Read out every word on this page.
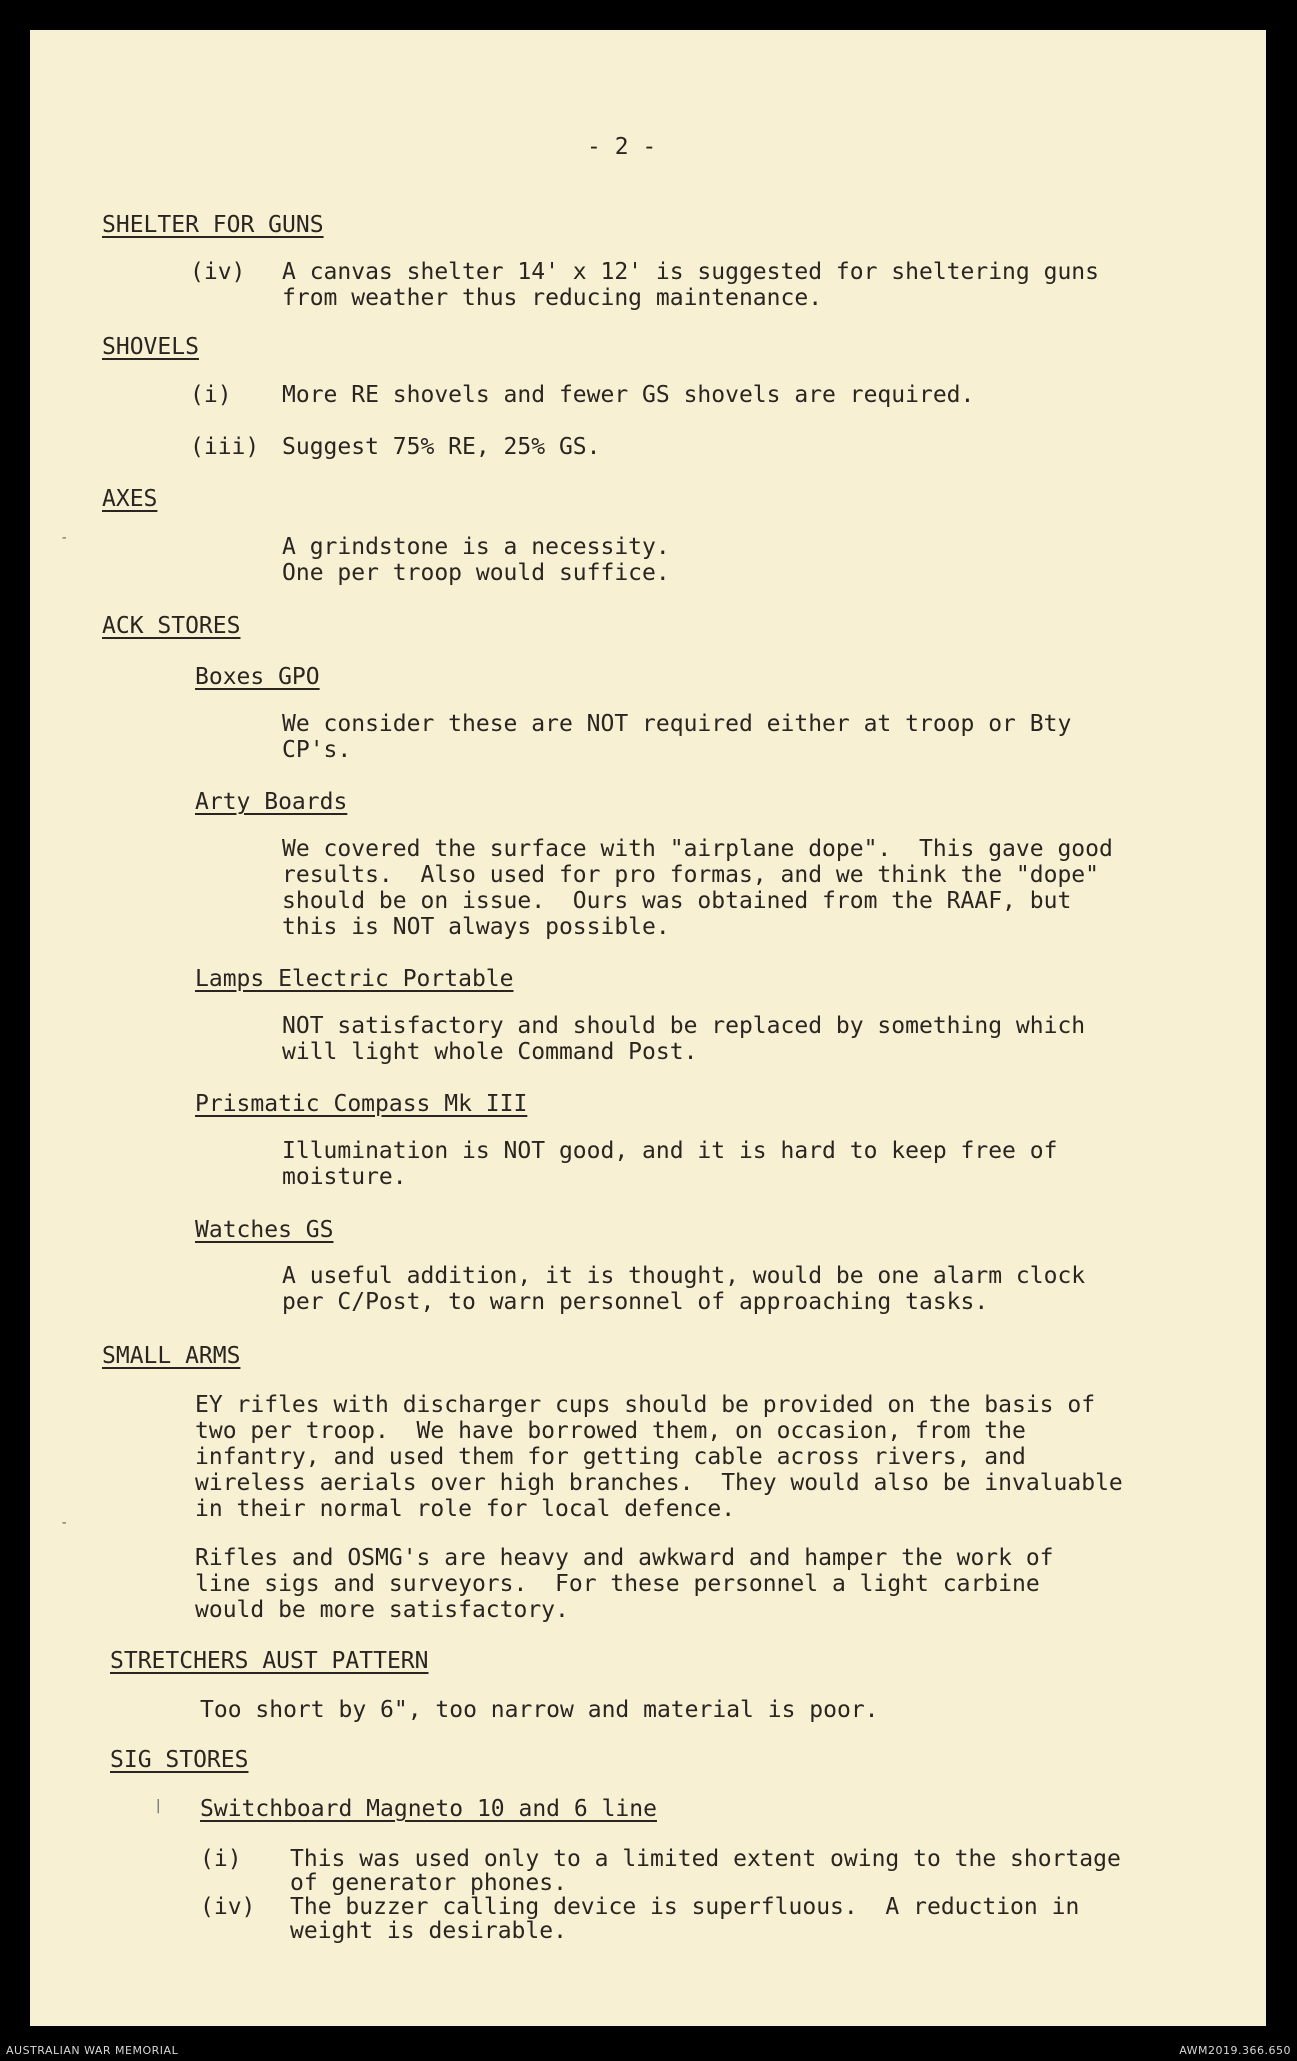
- 2 -
SHELTER FOR GUNS
(iv) A canvas shelter 14' x 12' is suggested for sheltering guns
from weather thus reducing maintenance.
SHOVELS
(i) More RE shovels and fewer GS shovels are required.
(iii) Suggest 75% RE, 25% GS.
AXES
A grindstone is a necessity.
One per troop would suffice.
ACK STORES
Boxes GPO
We consider these are NOT required either at troop or Bty
CP's.
Arty Boards
We covered the surface with "airplane dope".  This gave good
results.  Also used for pro formas, and we think the "dope"
should be on issue.  Ours was obtained from the RAAF, but
this is NOT always possible.
Lamps Electric Portable
NOT satisfactory and should be replaced by something which
will light whole Command Post.
Prismatic Compass Mk III
Illumination is NOT good, and it is hard to keep free of
moisture.
Watches GS
A useful addition, it is thought, would be one alarm clock
per C/Post, to warn personnel of approaching tasks.
SMALL ARMS
EY rifles with discharger cups should be provided on the basis of
two per troop.  We have borrowed them, on occasion, from the
infantry, and used them for getting cable across rivers, and
wireless aerials over high branches.  They would also be invaluable
in their normal role for local defence.
Rifles and OSMG's are heavy and awkward and hamper the work of
line sigs and surveyors.  For these personnel a light carbine
would be more satisfactory.
STRETCHERS AUST PATTERN
Too short by 6", too narrow and material is poor.
SIG STORES
| Switchboard Magneto 10 and 6 line
(i) This was used only to a limited extent owing to the shortage
of generator phones.
(iv) The buzzer calling device is superfluous.  A reduction in
weight is desirable.
-
-
AUSTRALIAN WAR MEMORIAL	AWM2019.366.650
